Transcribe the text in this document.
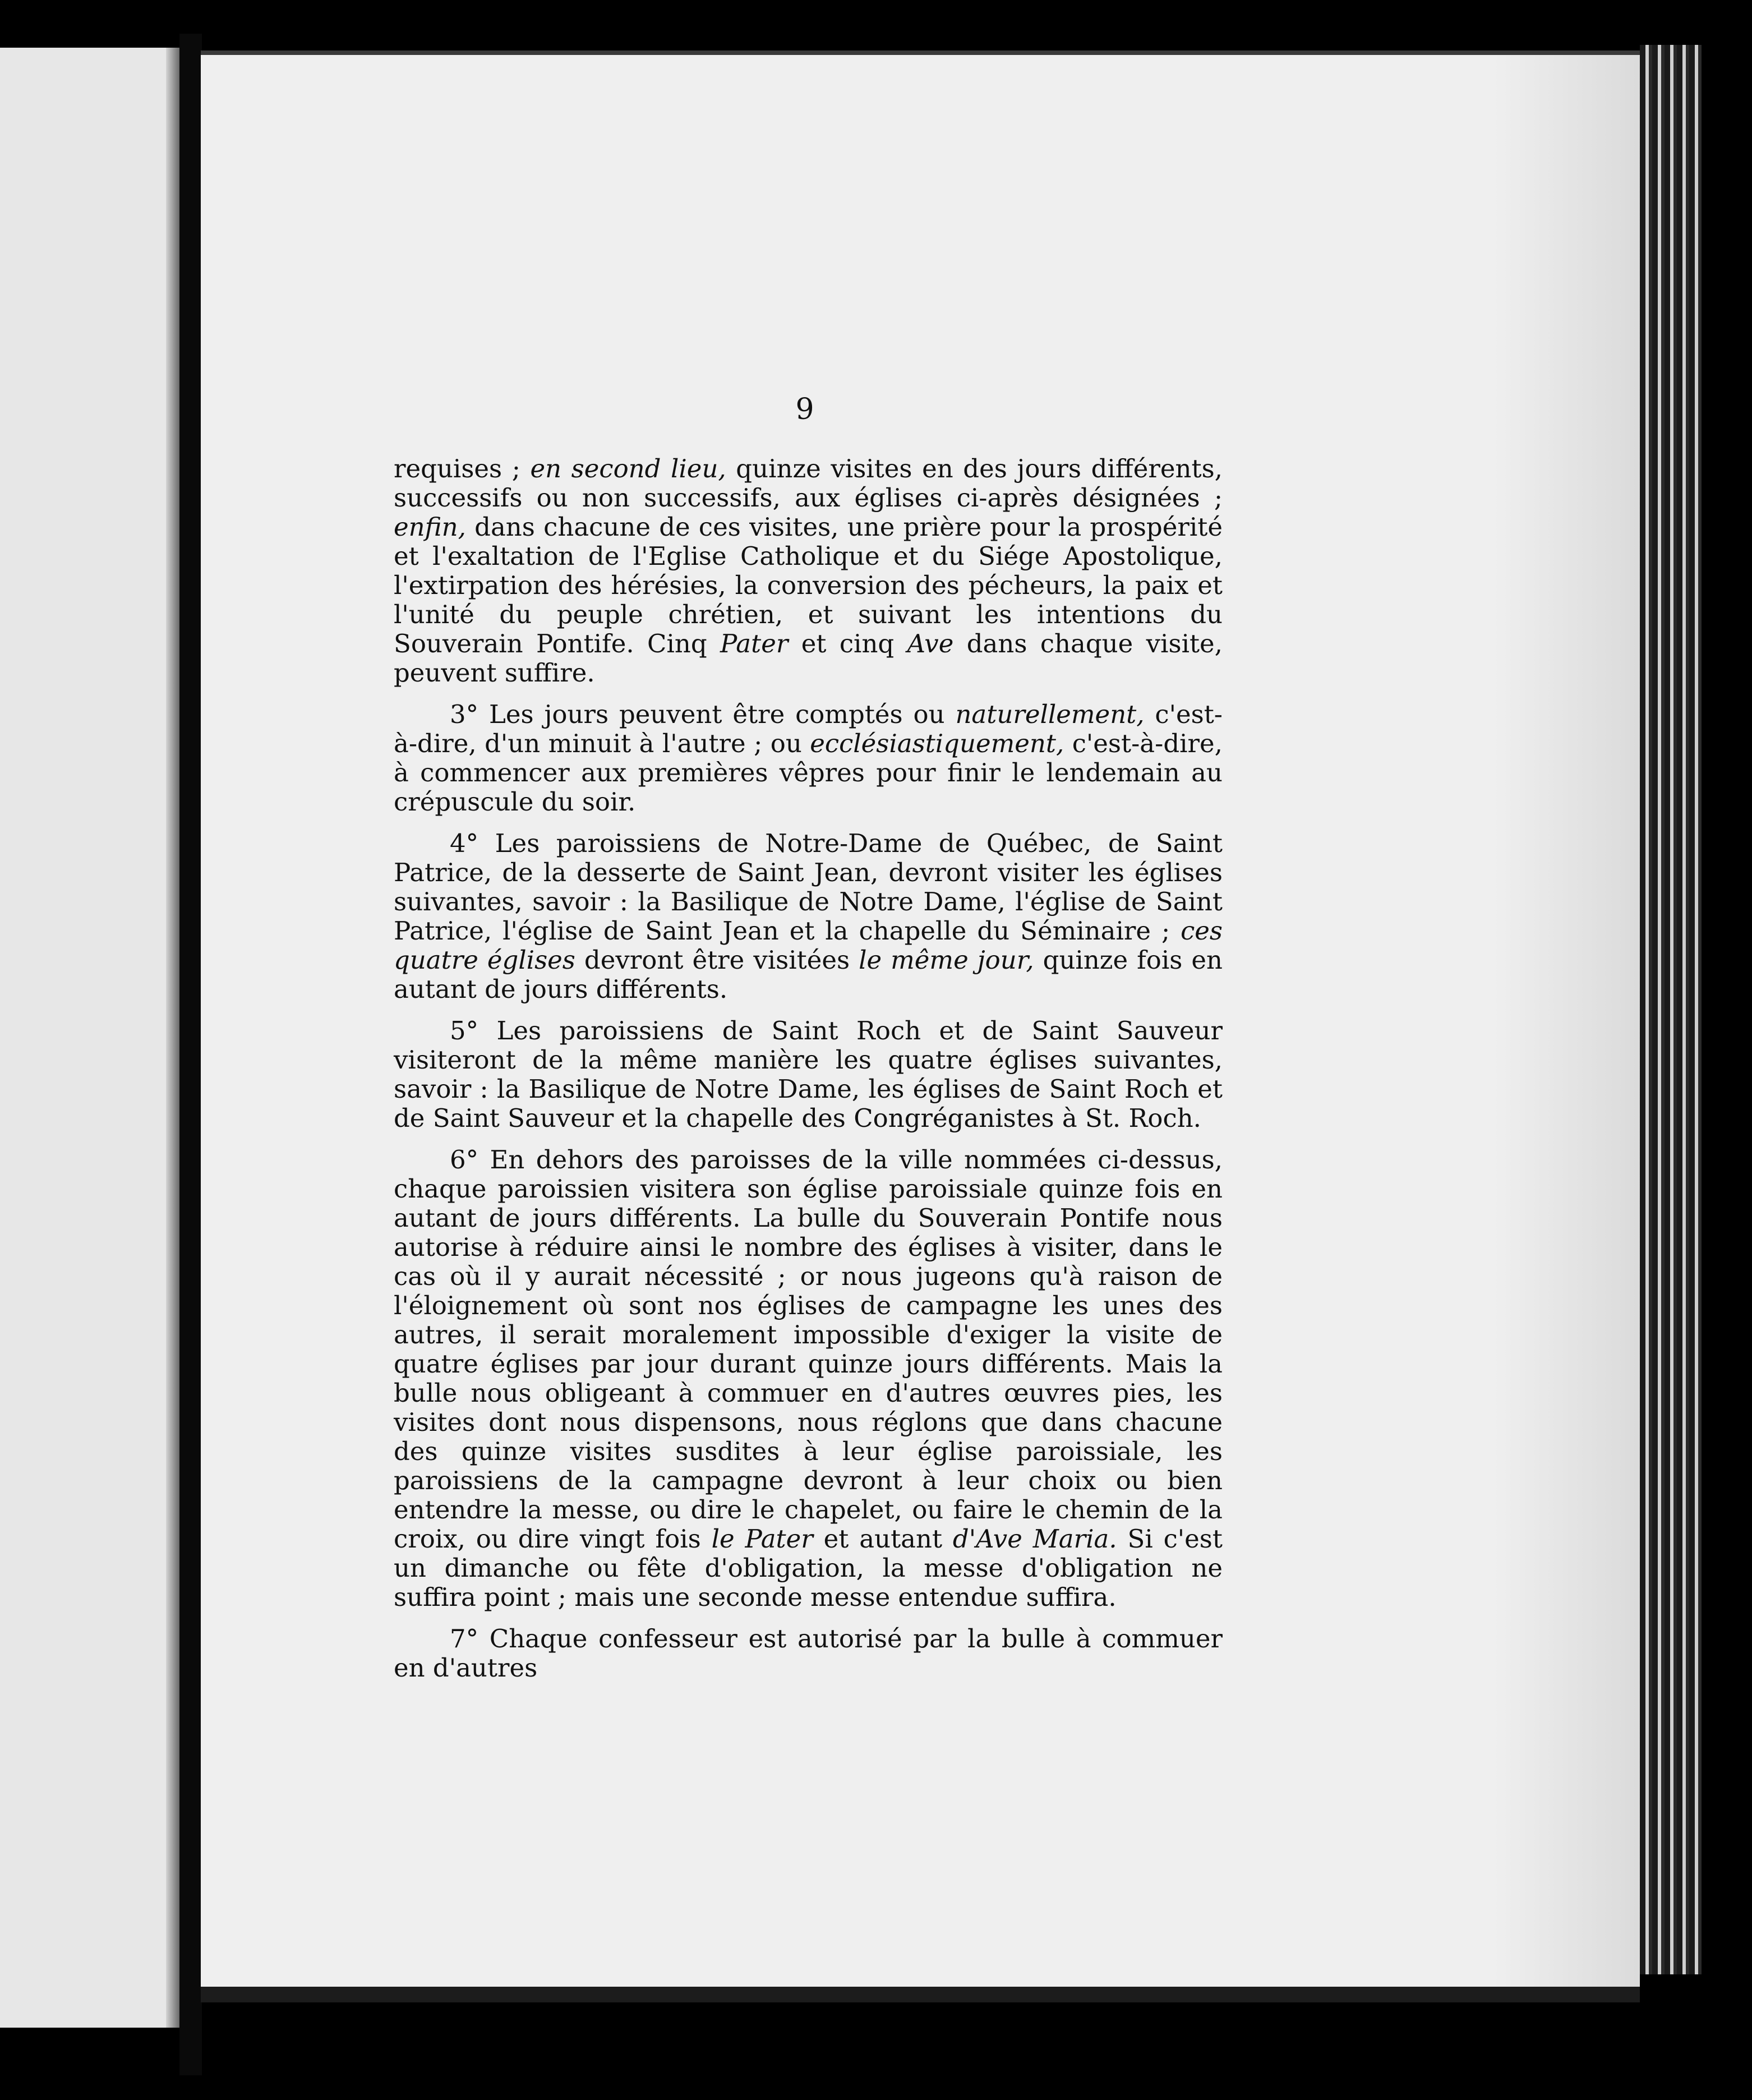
9

requises ; en second lieu, quinze visites en des jours différents, successifs ou non successifs, aux églises ci-après désignées ; enfin, dans chacune de ces visites, une prière pour la prospérité et l'exaltation de l'Eglise Catholique et du Siége Apostolique, l'extirpation des hérésies, la conversion des pécheurs, la paix et l'unité du peuple chrétien, et suivant les intentions du Souverain Pontife. Cinq Pater et cinq Ave dans chaque visite, peuvent suffire.

3° Les jours peuvent être comptés ou naturellement, c'est-à-dire, d'un minuit à l'autre ; ou ecclésiastiquement, c'est-à-dire, à commencer aux premières vêpres pour finir le lendemain au crépuscule du soir.

4° Les paroissiens de Notre-Dame de Québec, de Saint Patrice, de la desserte de Saint Jean, devront visiter les églises suivantes, savoir : la Basilique de Notre Dame, l'église de Saint Patrice, l'église de Saint Jean et la chapelle du Séminaire ; ces quatre églises devront être visitées le même jour, quinze fois en autant de jours différents.

5° Les paroissiens de Saint Roch et de Saint Sauveur visiteront de la même manière les quatre églises suivantes, savoir : la Basilique de Notre Dame, les églises de Saint Roch et de Saint Sauveur et la chapelle des Congréganistes à St. Roch.

6° En dehors des paroisses de la ville nommées ci-dessus, chaque paroissien visitera son église paroissiale quinze fois en autant de jours différents. La bulle du Souverain Pontife nous autorise à réduire ainsi le nombre des églises à visiter, dans le cas où il y aurait nécessité ; or nous jugeons qu'à raison de l'éloignement où sont nos églises de campagne les unes des autres, il serait moralement impossible d'exiger la visite de quatre églises par jour durant quinze jours différents. Mais la bulle nous obligeant à commuer en d'autres œuvres pies, les visites dont nous dispensons, nous réglons que dans chacune des quinze visites susdites à leur église paroissiale, les paroissiens de la campagne devront à leur choix ou bien entendre la messe, ou dire le chapelet, ou faire le chemin de la croix, ou dire vingt fois le Pater et autant d'Ave Maria. Si c'est un dimanche ou fête d'obligation, la messe d'obligation ne suffira point ; mais une seconde messe entendue suffira.

7° Chaque confesseur est autorisé par la bulle à commuer en d'autres
